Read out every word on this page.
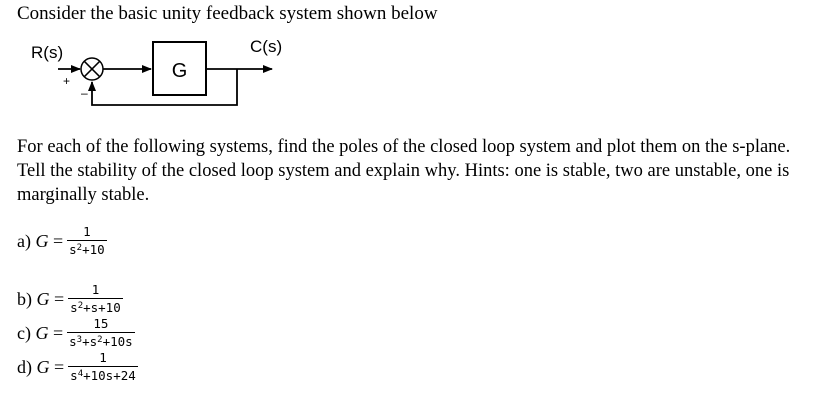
Consider the basic unity feedback system shown below
R(s)	C(s)
+
–
G
For each of the following systems, find the poles of the closed loop system and plot them on the s-plane. Tell the stability of the closed loop system and explain why. Hints: one is stable, two are unstable, one is marginally stable.
a) $G = \frac{1}{s^2+10}$
b) $G = \frac{1}{s^2+s+10}$
c) $G = \frac{15}{s^3+s^2+10s}$
d) $G = \frac{1}{s^4+10s+24}$
